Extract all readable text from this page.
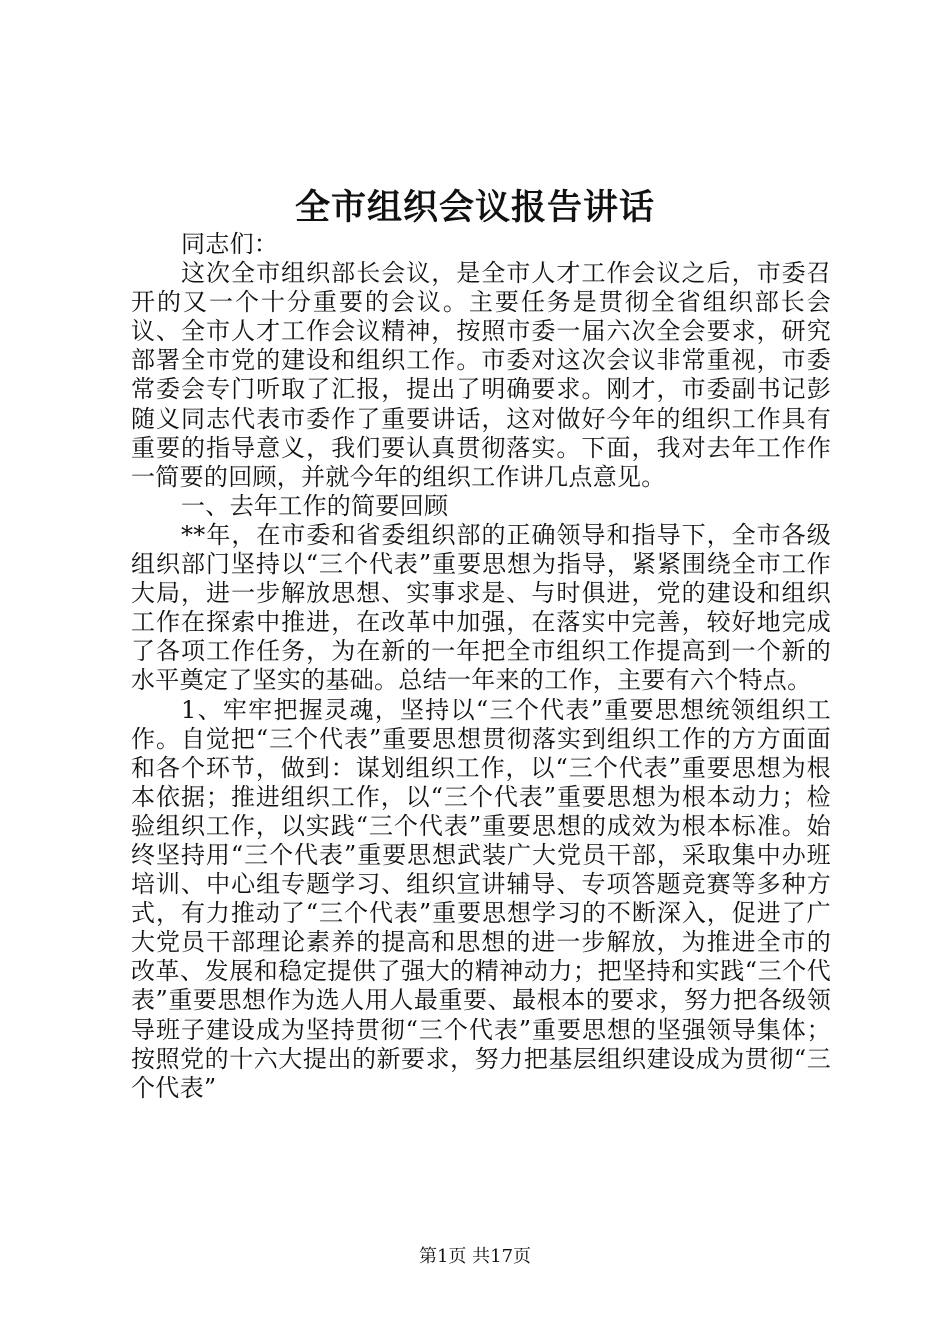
全市组织会议报告讲话

同志们：

这次全市组织部长会议，是全市人才工作会议之后，市委召开的又一个十分重要的会议。主要任务是贯彻全省组织部长会议、全市人才工作会议精神，按照市委一届六次全会要求，研究部署全市党的建设和组织工作。市委对这次会议非常重视，市委常委会专门听取了汇报，提出了明确要求。刚才，市委副书记彭随义同志代表市委作了重要讲话，这对做好今年的组织工作具有重要的指导意义，我们要认真贯彻落实。下面，我对去年工作作一简要的回顾，并就今年的组织工作讲几点意见。

一、去年工作的简要回顾

**年，在市委和省委组织部的正确领导和指导下，全市各级组织部门坚持以“三个代表”重要思想为指导，紧紧围绕全市工作大局，进一步解放思想、实事求是、与时俱进，党的建设和组织工作在探索中推进，在改革中加强，在落实中完善，较好地完成了各项工作任务，为在新的一年把全市组织工作提高到一个新的水平奠定了坚实的基础。总结一年来的工作，主要有六个特点。

1、牢牢把握灵魂，坚持以“三个代表”重要思想统领组织工作。自觉把“三个代表”重要思想贯彻落实到组织工作的方方面面和各个环节，做到：谋划组织工作，以“三个代表”重要思想为根本依据；推进组织工作，以“三个代表”重要思想为根本动力；检验组织工作，以实践“三个代表”重要思想的成效为根本标准。始终坚持用“三个代表”重要思想武装广大党员干部，采取集中办班培训、中心组专题学习、组织宣讲辅导、专项答题竞赛等多种方式，有力推动了“三个代表”重要思想学习的不断深入，促进了广大党员干部理论素养的提高和思想的进一步解放，为推进全市的改革、发展和稳定提供了强大的精神动力；把坚持和实践“三个代表”重要思想作为选人用人最重要、最根本的要求，努力把各级领导班子建设成为坚持贯彻“三个代表”重要思想的坚强领导集体；按照党的十六大提出的新要求，努力把基层组织建设成为贯彻“三个代表”

第1页 共17页
